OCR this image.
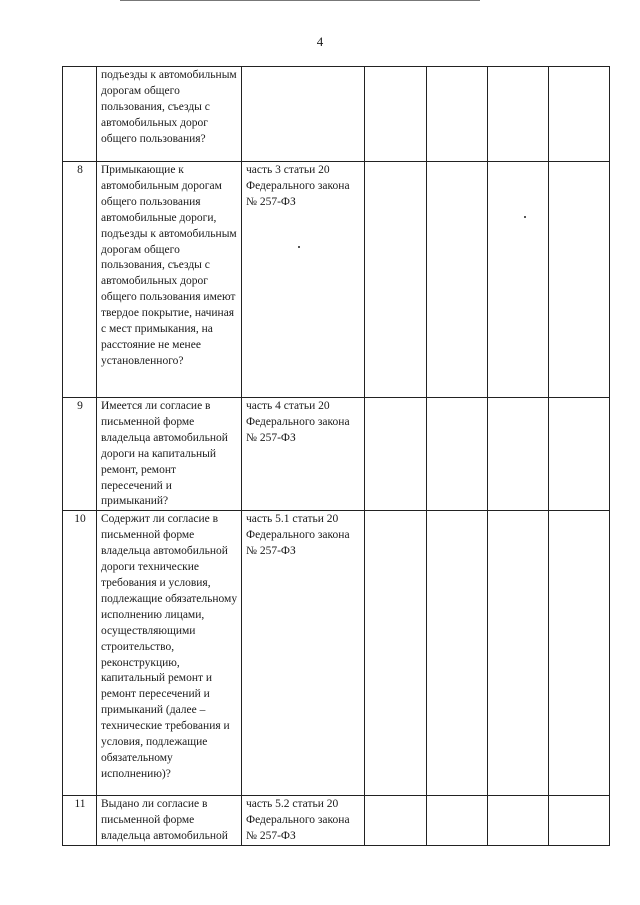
4

	подъезды к автомобильным дорогам общего пользования, съезды с автомобильных дорог общего пользования?					

8	Примыкающие к автомобильным дорогам общего пользования автомобильные дороги, подъезды к автомобильным дорогам общего пользования, съезды с автомобильных дорог общего пользования имеют твердое покрытие, начиная с мест примыкания, на расстояние не менее установленного?	часть 3 статьи 20 Федерального закона № 257-ФЗ				
9	Имеется ли согласие в письменной форме владельца автомобильной дороги на капитальный ремонт, ремонт пересечений и примыканий?	часть 4 статьи 20 Федерального закона № 257-ФЗ				
10	Содержит ли согласие в письменной форме владельца автомобильной дороги технические требования и условия, подлежащие обязательному исполнению лицами, осуществляющими строительство, реконструкцию, капитальный ремонт и ремонт пересечений и примыканий (далее – технические требования и условия, подлежащие обязательному исполнению)?	часть 5.1 статьи 20 Федерального закона № 257-ФЗ				
11	Выдано ли согласие в письменной форме владельца автомобильной	часть 5.2 статьи 20 Федерального закона № 257-ФЗ				
